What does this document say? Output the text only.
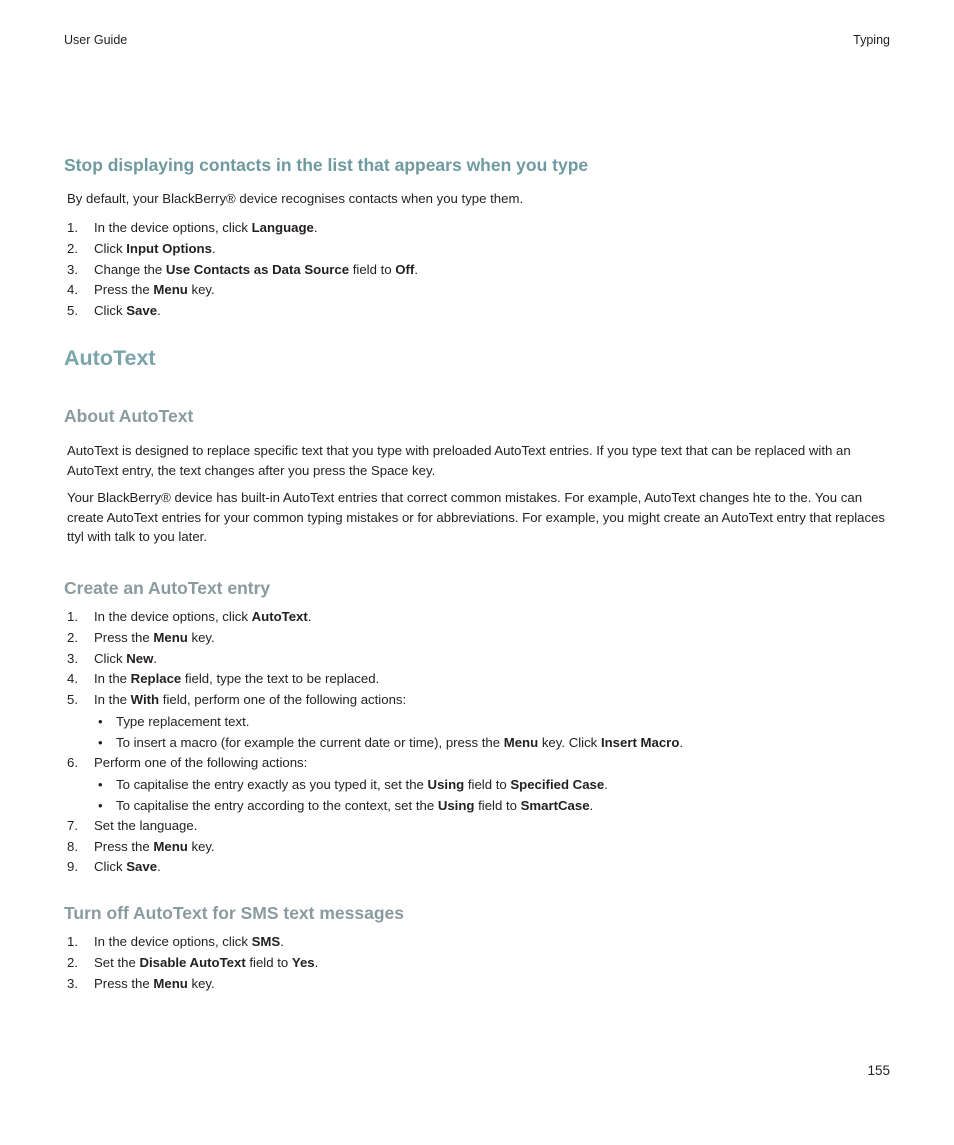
User Guide	Typing
Stop displaying contacts in the list that appears when you type

By default, your BlackBerry® device recognises contacts when you type them.

1. In the device options, click Language.
2. Click Input Options.
3. Change the Use Contacts as Data Source field to Off.
4. Press the Menu key.
5. Click Save.
AutoText
About AutoText

AutoText is designed to replace specific text that you type with preloaded AutoText entries. If you type text that can be replaced with an AutoText entry, the text changes after you press the Space key.

Your BlackBerry® device has built-in AutoText entries that correct common mistakes. For example, AutoText changes hte to the. You can create AutoText entries for your common typing mistakes or for abbreviations. For example, you might create an AutoText entry that replaces ttyl with talk to you later.

Create an AutoText entry
1. In the device options, click AutoText.
2. Press the Menu key.
3. Click New.
4. In the Replace field, type the text to be replaced.
5. In the With field, perform one of the following actions:
• Type replacement text.
• To insert a macro (for example the current date or time), press the Menu key. Click Insert Macro.
6. Perform one of the following actions:
• To capitalise the entry exactly as you typed it, set the Using field to Specified Case.
• To capitalise the entry according to the context, set the Using field to SmartCase.
7. Set the language.
8. Press the Menu key.
9. Click Save.
Turn off AutoText for SMS text messages
1. In the device options, click SMS.
2. Set the Disable AutoText field to Yes.
3. Press the Menu key.
155
